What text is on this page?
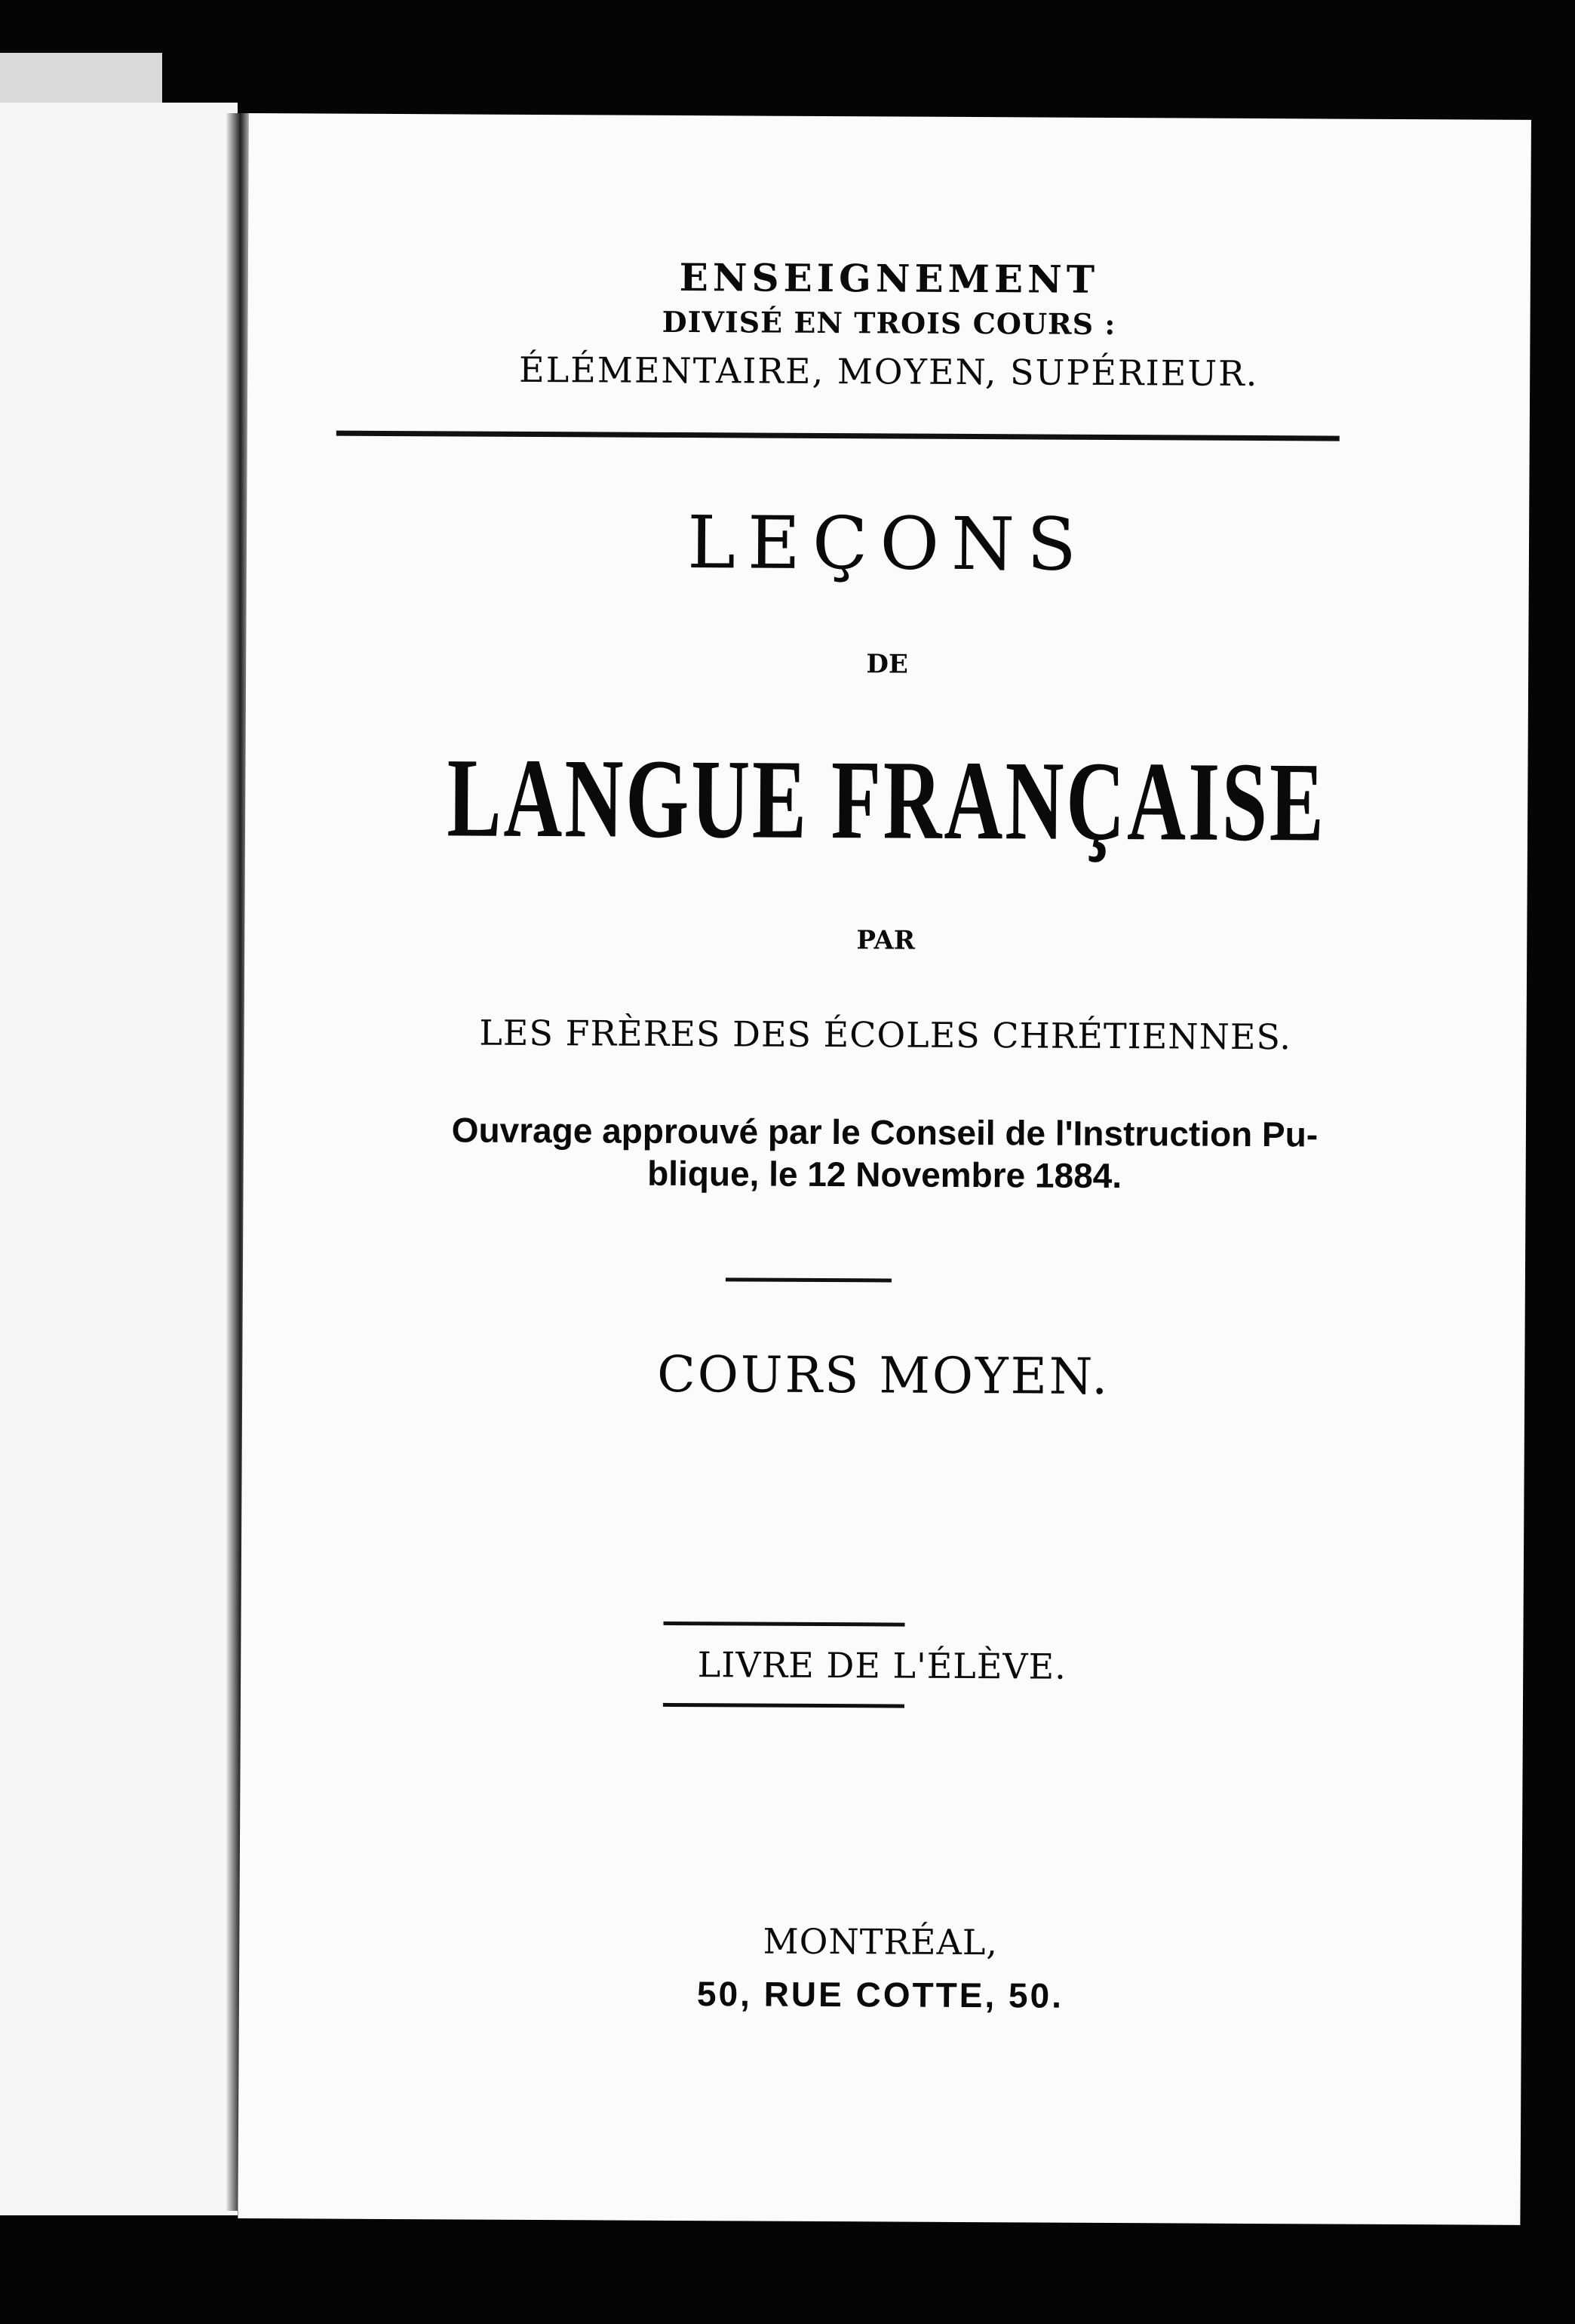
ENSEIGNEMENT
DIVISÉ EN TROIS COURS :
ÉLÉMENTAIRE, MOYEN, SUPÉRIEUR.
LEÇONS
DE
LANGUE FRANÇAISE
PAR
LES FRÈRES DES ÉCOLES CHRÉTIENNES.
Ouvrage approuvé par le Conseil de l'Instruction Pu-
blique, le 12 Novembre 1884.
COURS MOYEN.
LIVRE DE L'ÉLÈVE.
MONTRÉAL,
50, RUE COTTE, 50.
